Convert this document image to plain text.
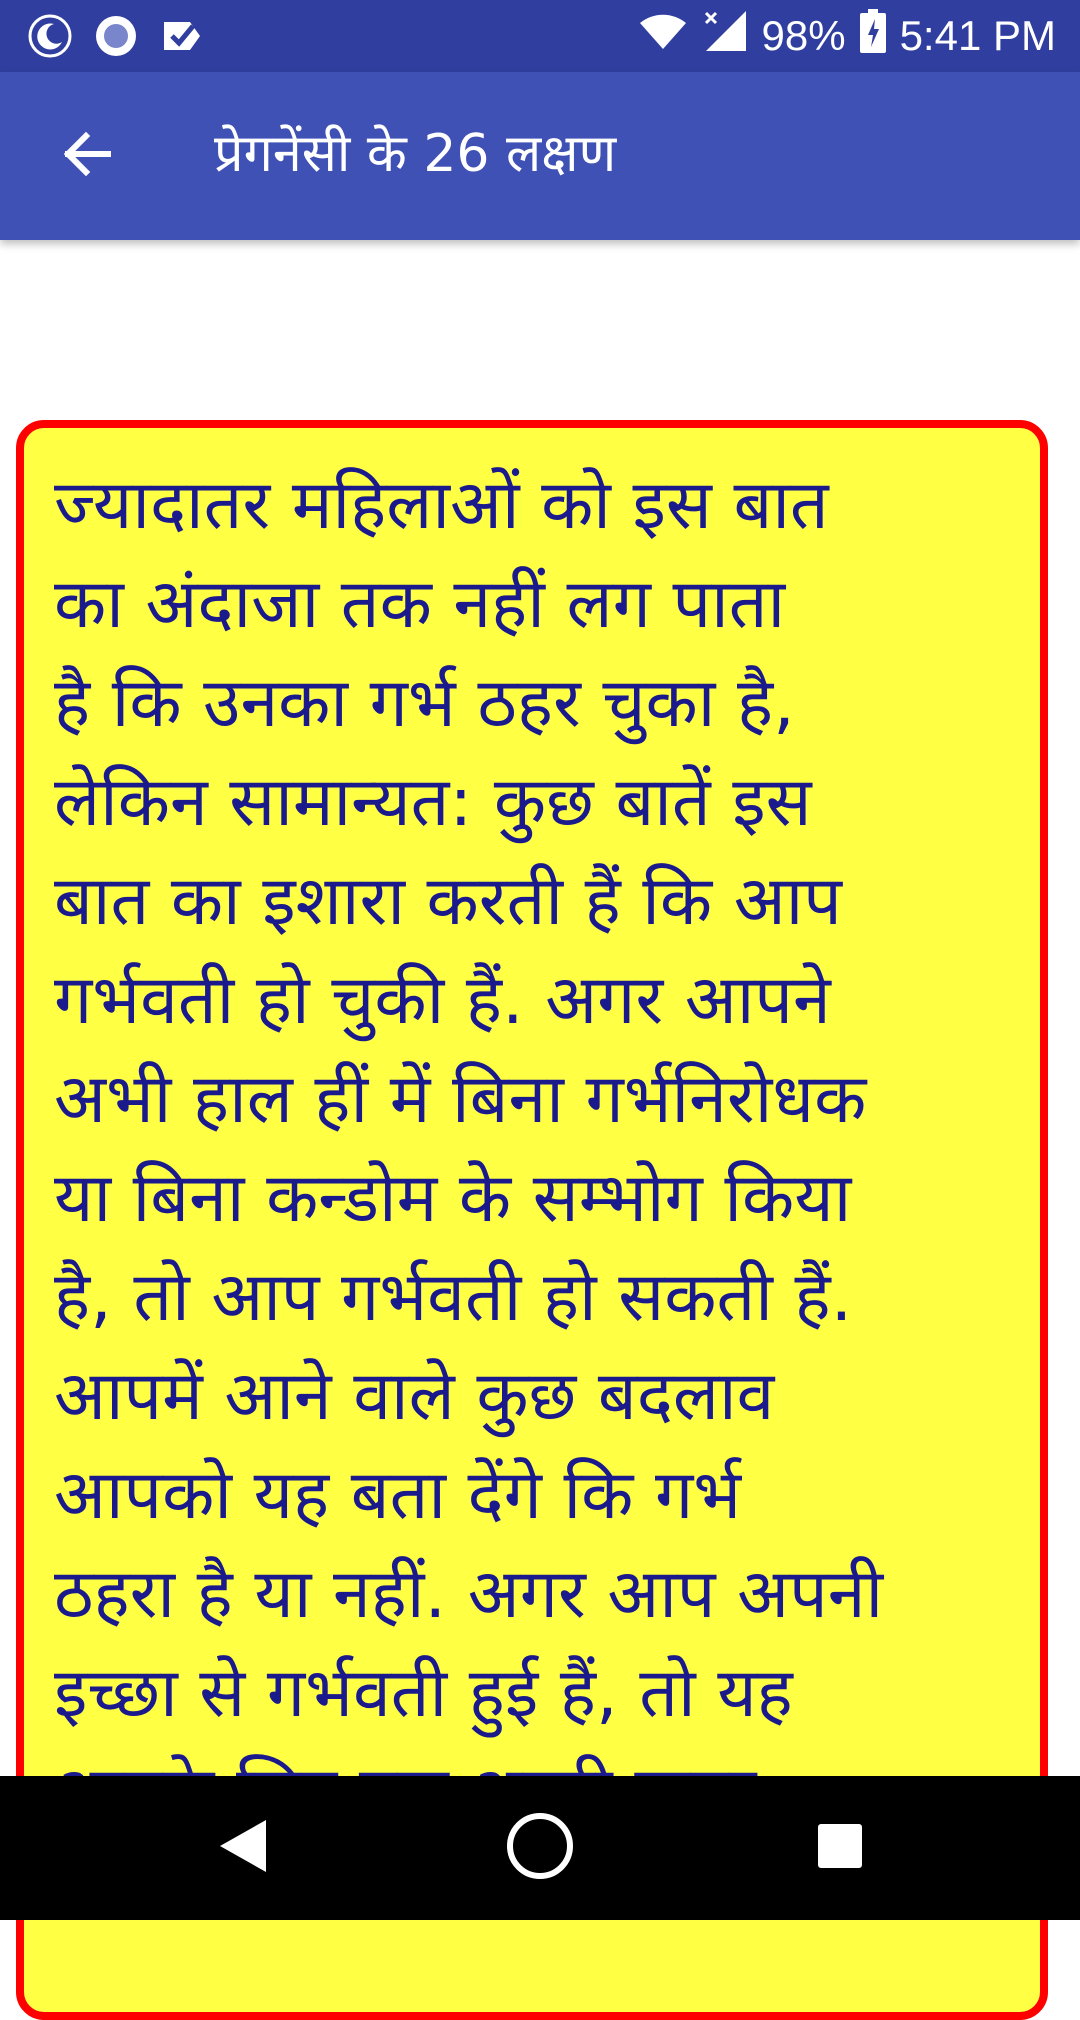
98% 5:41 PM
प्रेगनेंसी के 26 लक्षण
ज्यादातर महिलाओं को इस बात
का अंदाजा तक नहीं लग पाता
है कि उनका गर्भ ठहर चुका है,
लेकिन सामान्यत: कुछ बातें इस
बात का इशारा करती हैं कि आप
गर्भवती हो चुकी हैं. अगर आपने
अभी हाल हीं में बिना गर्भनिरोधक
या बिना कन्डोम के सम्भोग किया
है, तो आप गर्भवती हो सकती हैं.
आपमें आने वाले कुछ बदलाव
आपको यह बता देंगे कि गर्भ
ठहरा है या नहीं. अगर आप अपनी
इच्छा से गर्भवती हुई हैं, तो यह
